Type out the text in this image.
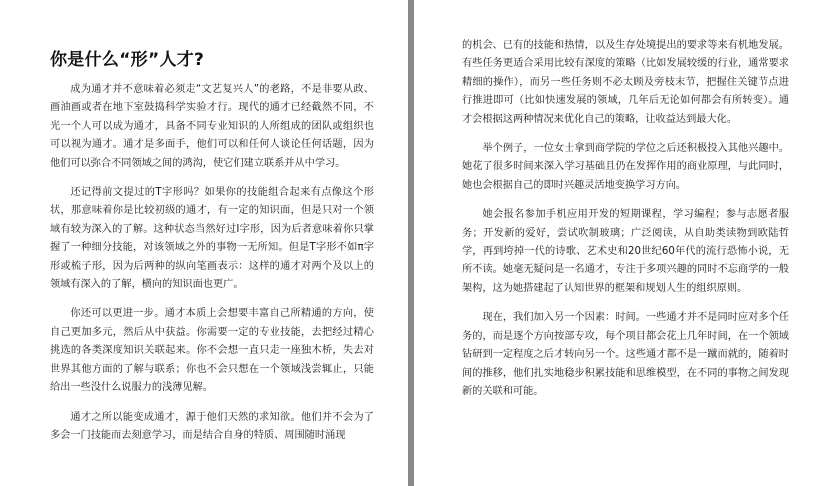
你是什么“形”人才?

成为通才并不意味着必须走“文艺复兴人”的老路，不是非要从政、画油画或者在地下室鼓捣科学实验才行。现代的通才已经截然不同，不光一个人可以成为通才，具备不同专业知识的人所组成的团队或组织也可以视为通才。通才是多面手，他们可以和任何人谈论任何话题，因为他们可以弥合不同领域之间的鸿沟，使它们建立联系并从中学习。

还记得前文提过的T字形吗？如果你的技能组合起来有点像这个形状，那意味着你是比较初级的通才，有一定的知识面，但是只对一个领域有较为深入的了解。这种状态当然好过I字形，因为后者意味着你只掌握了一种细分技能，对该领域之外的事物一无所知。但是T字形不如π字形或梳子形，因为后两种的纵向笔画表示：这样的通才对两个及以上的领域有深入的了解，横向的知识面也更广。

你还可以更进一步。通才本质上会想要丰富自己所精通的方向，使自己更加多元，然后从中获益。你需要一定的专业技能，去把经过精心挑选的各类深度知识关联起来。你不会想一直只走一座独木桥，失去对世界其他方面的了解与联系；你也不会只想在一个领域浅尝辄止，只能给出一些没什么说服力的浅薄见解。

通才之所以能变成通才，源于他们天然的求知欲。他们并不会为了多会一门技能而去刻意学习，而是结合自身的特质、周围随时涌现

的机会、已有的技能和热情，以及生存处境提出的要求等来有机地发展。有些任务更适合采用比较有深度的策略（比如发展较缓的行业，通常要求精细的操作），而另一些任务则不必太顾及旁枝末节，把握住关键节点进行推进即可（比如快速发展的领域，几年后无论如何都会有所转变）。通才会根据这两种情况来优化自己的策略，让收益达到最大化。

举个例子，一位女士拿到商学院的学位之后还积极投入其他兴趣中。她花了很多时间来深入学习基础且仍在发挥作用的商业原理，与此同时，她也会根据自己的即时兴趣灵活地变换学习方向。

她会报名参加手机应用开发的短期课程，学习编程；参与志愿者服务；开发新的爱好，尝试吹制玻璃；广泛阅读，从自助类读物到欧陆哲学，再到垮掉一代的诗歌、艺术史和20世纪60年代的流行恐怖小说，无所不读。她毫无疑问是一名通才，专注于多项兴趣的同时不忘商学的一般架构，这为她搭建起了认知世界的框架和规划人生的组织原则。

现在，我们加入另一个因素：时间。一些通才并不是同时应对多个任务的，而是逐个方向按部专攻，每个项目都会花上几年时间，在一个领域钻研到一定程度之后才转向另一个。这些通才都不是一蹴而就的，随着时间的推移，他们扎实地稳步积累技能和思维模型，在不同的事物之间发现新的关联和可能。
